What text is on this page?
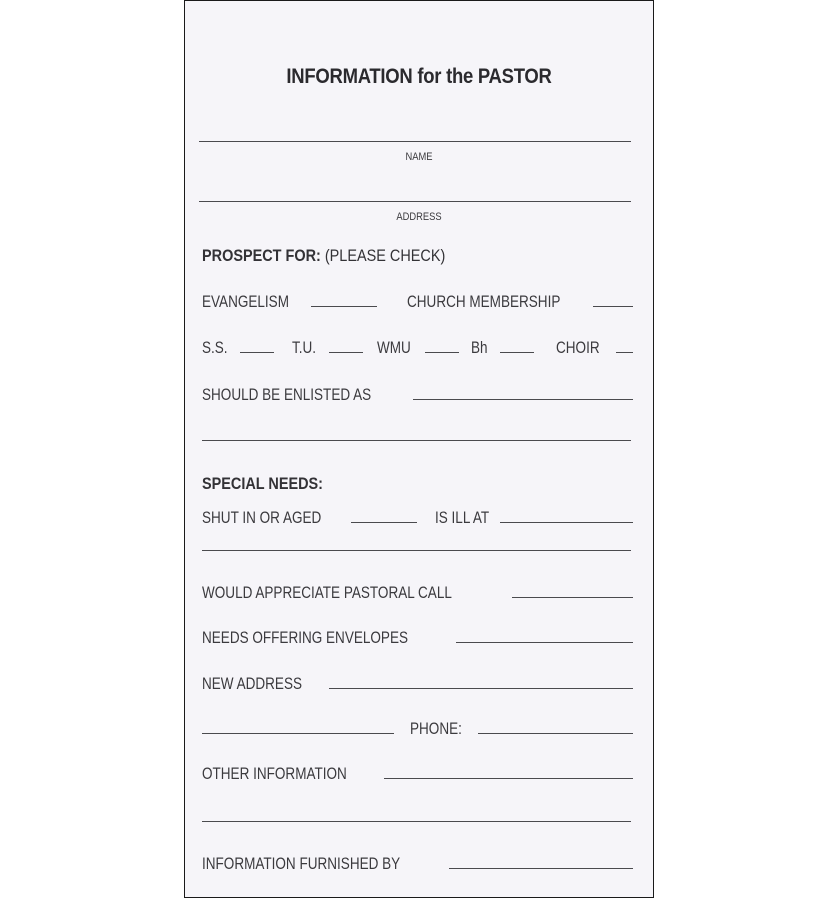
INFORMATION for the PASTOR
NAME
ADDRESS
PROSPECT FOR: (PLEASE CHECK)
EVANGELISM	CHURCH MEMBERSHIP
S.S.	T.U.	WMU	Bh	CHOIR
SHOULD BE ENLISTED AS
SPECIAL NEEDS:
SHUT IN OR AGED	IS ILL AT
WOULD APPRECIATE PASTORAL CALL
NEEDS OFFERING ENVELOPES
NEW ADDRESS
PHONE:
OTHER INFORMATION
INFORMATION FURNISHED BY
